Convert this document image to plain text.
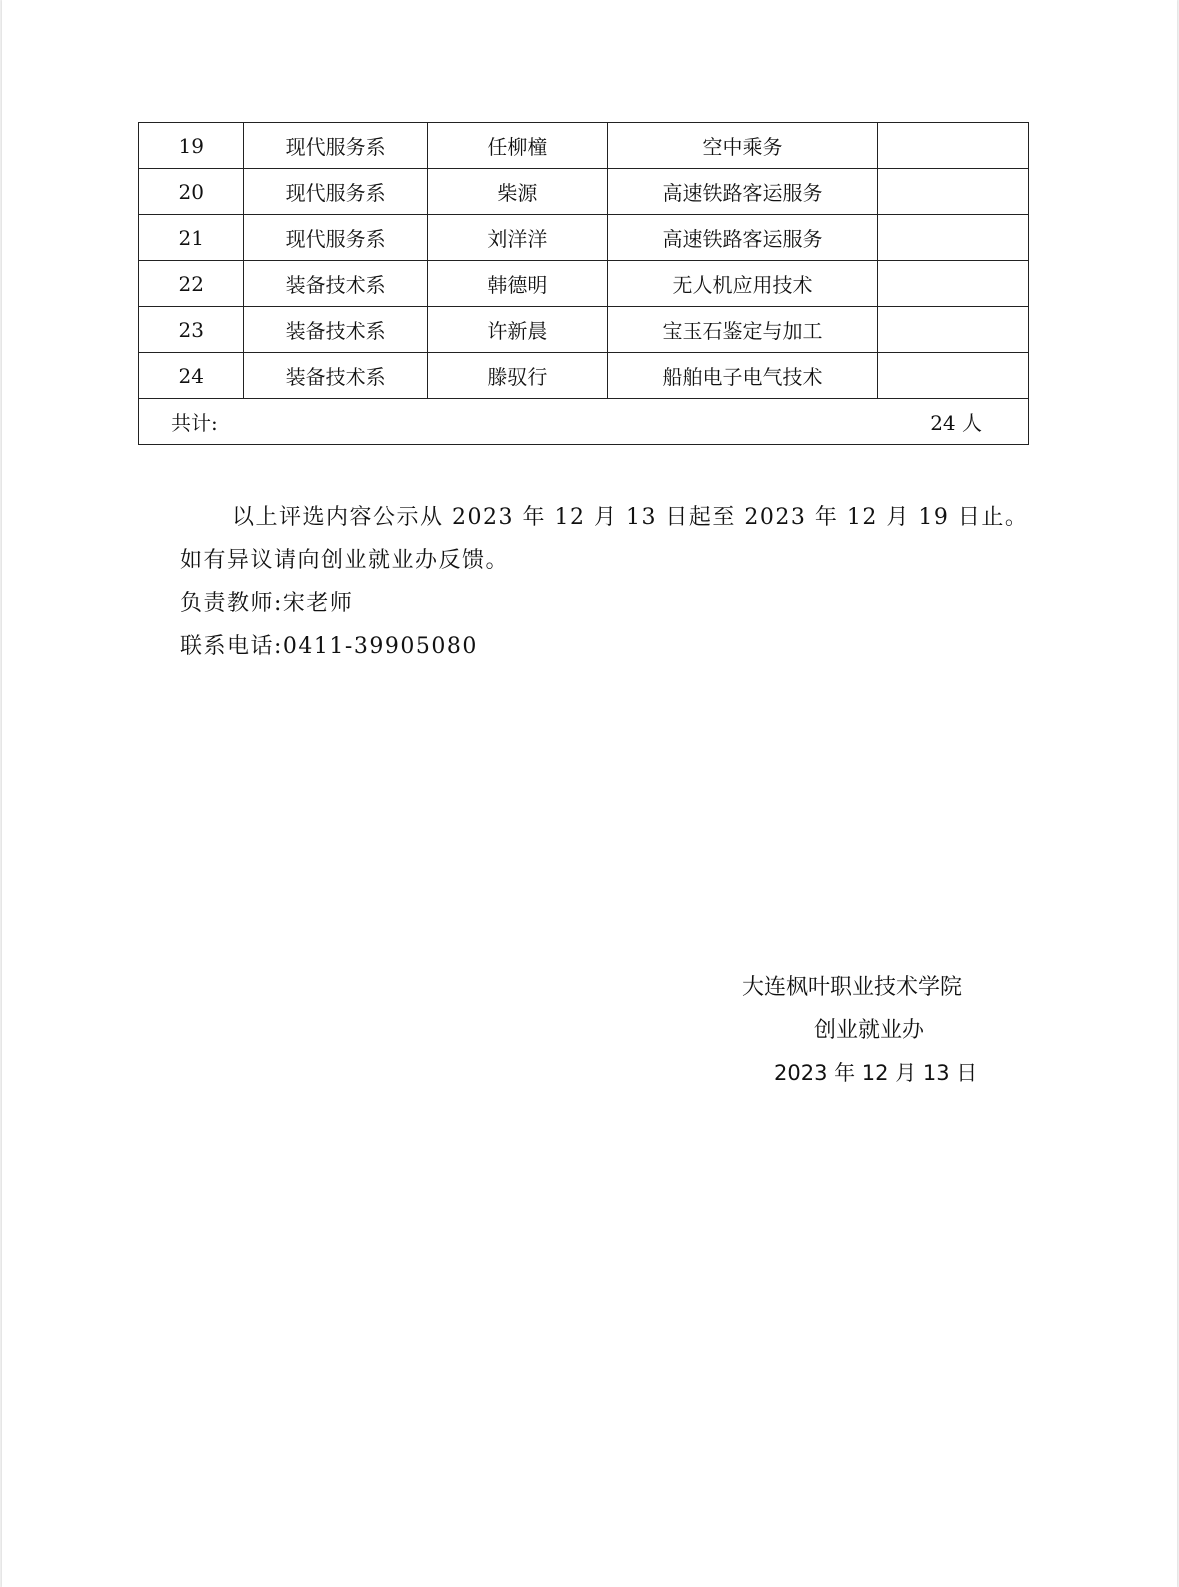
19	现代服务系	任柳橦	空中乘务	
20	现代服务系	柴源	高速铁路客运服务	
21	现代服务系	刘洋洋	高速铁路客运服务	
22	装备技术系	韩德明	无人机应用技术	
23	装备技术系	许新晨	宝玉石鉴定与加工	
24	装备技术系	滕驭行	船舶电子电气技术	

共计: 24 人				

以上评选内容公示从 2023 年 12 月 13 日起至 2023 年 12 月 19 日止。

如有异议请向创业就业办反馈。

负责教师:宋老师

联系电话:0411-39905080

大连枫叶职业技术学院
创业就业办
2023 年 12 月 13 日
